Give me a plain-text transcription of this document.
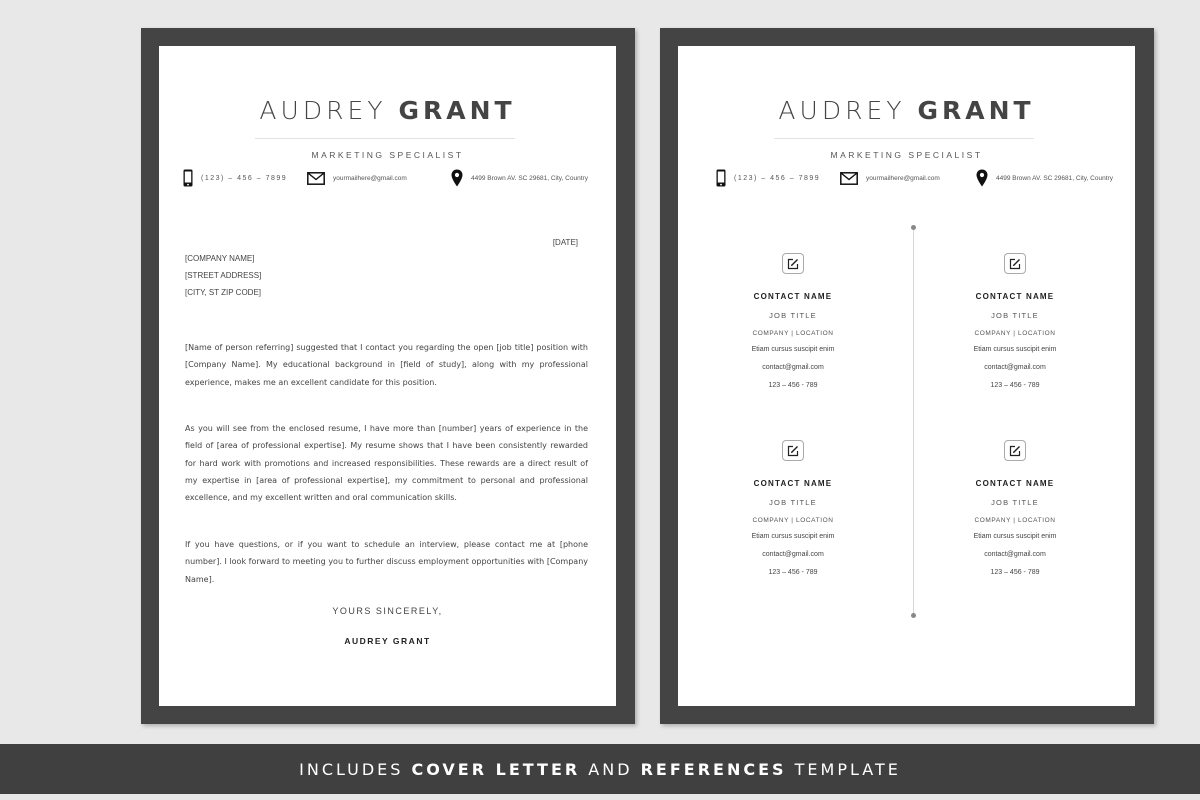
AUDREY GRANT
MARKETING SPECIALIST
(123) – 456 – 7899	yourmailhere@gmail.com	4499 Brown AV. SC 29681, City, Country
[DATE]
[COMPANY NAME]
[STREET ADDRESS]
[CITY, ST ZIP CODE]
[Name of person referring] suggested that I contact you regarding the open [job title] position with [Company Name]. My educational background in [field of study], along with my professional experience, makes me an excellent candidate for this position.
As you will see from the enclosed resume, I have more than [number] years of experience in the field of [area of professional expertise]. My resume shows that I have been consistently rewarded for hard work with promotions and increased responsibilities. These rewards are a direct result of my expertise in [area of professional expertise], my commitment to personal and professional excellence, and my excellent written and oral communication skills.
If you have questions, or if you want to schedule an interview, please contact me at [phone number]. I look forward to meeting you to further discuss employment opportunities with [Company Name].
YOURS SINCERELY,
AUDREY GRANT
AUDREY GRANT
MARKETING SPECIALIST
(123) – 456 – 7899	yourmailhere@gmail.com	4499 Brown AV. SC 29681, City, Country
CONTACT NAME
JOB TITLE
COMPANY | LOCATION
Etiam cursus suscipit enim
contact@gmail.com
123 – 456 - 789
CONTACT NAME
JOB TITLE
COMPANY | LOCATION
Etiam cursus suscipit enim
contact@gmail.com
123 – 456 - 789
CONTACT NAME
JOB TITLE
COMPANY | LOCATION
Etiam cursus suscipit enim
contact@gmail.com
123 – 456 - 789
CONTACT NAME
JOB TITLE
COMPANY | LOCATION
Etiam cursus suscipit enim
contact@gmail.com
123 – 456 - 789
INCLUDES COVER LETTER AND REFERENCES TEMPLATE
